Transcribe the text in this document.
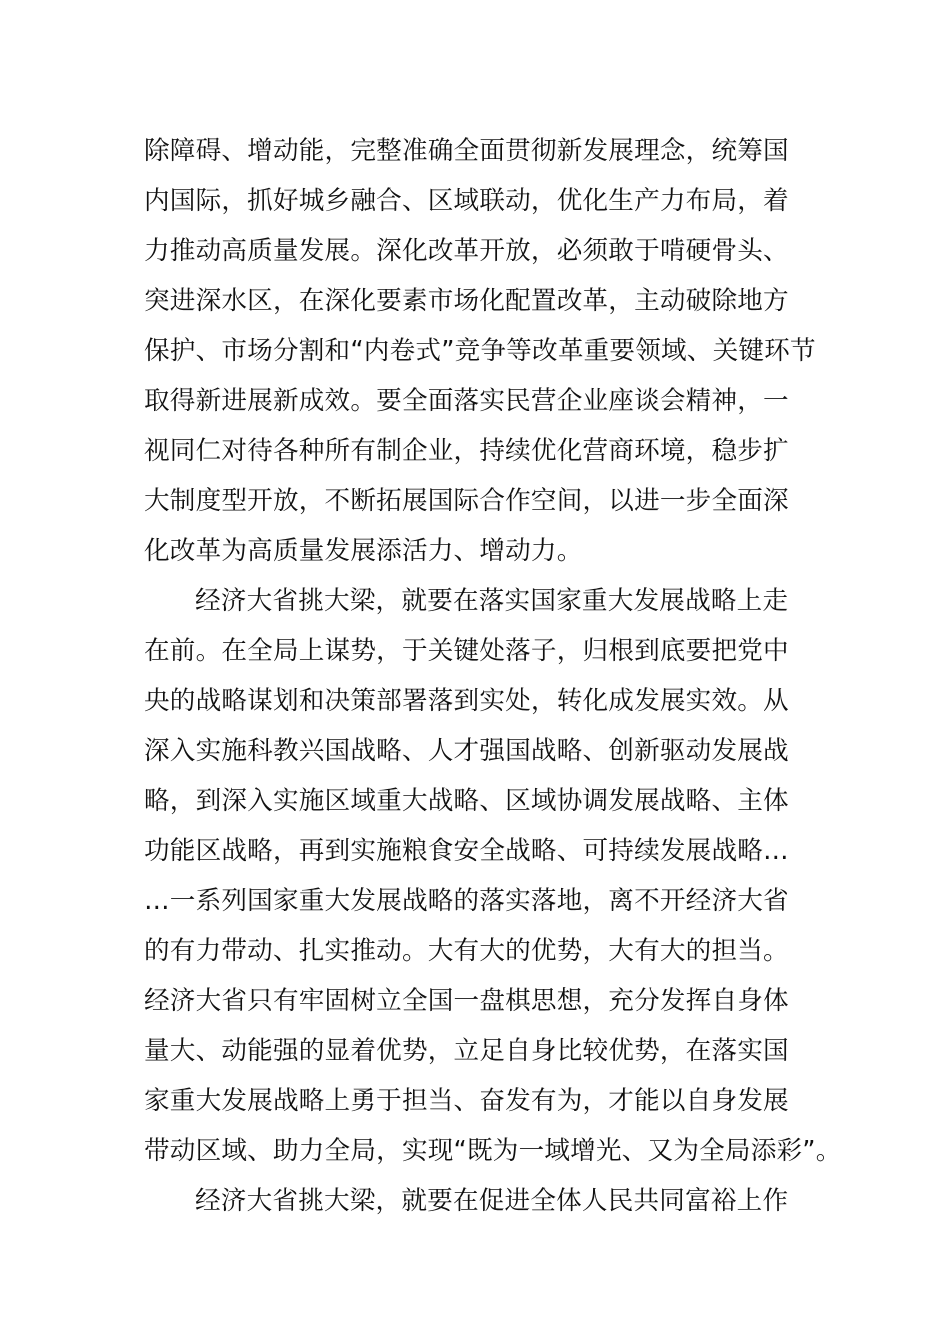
除障碍、增动能，完整准确全面贯彻新发展理念，统筹国
内国际，抓好城乡融合、区域联动，优化生产力布局，着
力推动高质量发展。深化改革开放，必须敢于啃硬骨头、
突进深水区，在深化要素市场化配置改革，主动破除地方
保护、市场分割和“内卷式”竞争等改革重要领域、关键环节
取得新进展新成效。要全面落实民营企业座谈会精神，一
视同仁对待各种所有制企业，持续优化营商环境，稳步扩
大制度型开放，不断拓展国际合作空间，以进一步全面深
化改革为高质量发展添活力、增动力。
经济大省挑大梁，就要在落实国家重大发展战略上走
在前。在全局上谋势，于关键处落子，归根到底要把党中
央的战略谋划和决策部署落到实处，转化成发展实效。从
深入实施科教兴国战略、人才强国战略、创新驱动发展战
略，到深入实施区域重大战略、区域协调发展战略、主体
功能区战略，再到实施粮食安全战略、可持续发展战略…
…一系列国家重大发展战略的落实落地，离不开经济大省
的有力带动、扎实推动。大有大的优势，大有大的担当。
经济大省只有牢固树立全国一盘棋思想，充分发挥自身体
量大、动能强的显着优势，立足自身比较优势，在落实国
家重大发展战略上勇于担当、奋发有为，才能以自身发展
带动区域、助力全局，实现“既为一域增光、又为全局添彩”。
经济大省挑大梁，就要在促进全体人民共同富裕上作
